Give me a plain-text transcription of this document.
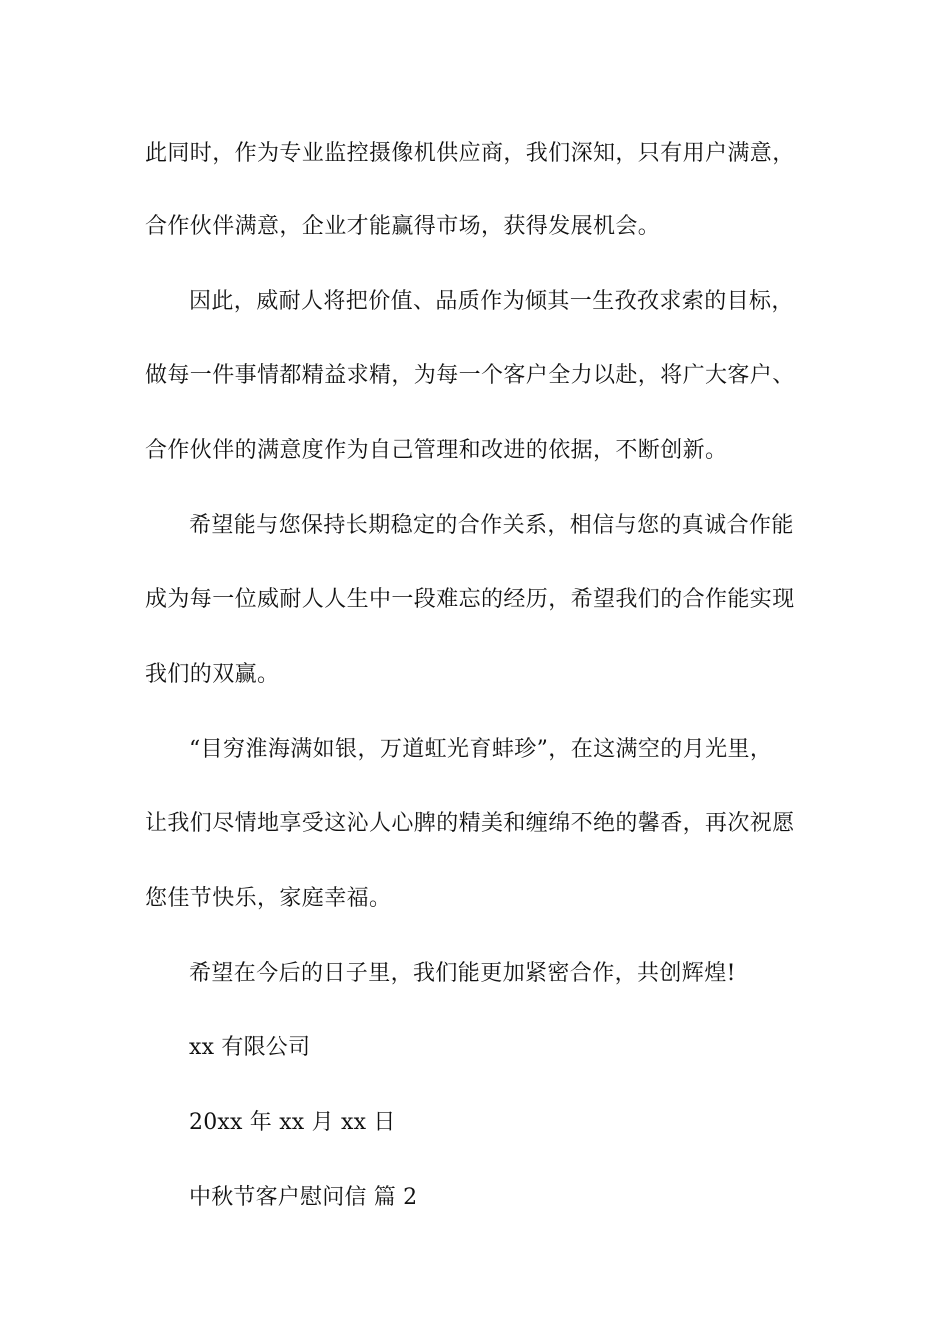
此同时，作为专业监控摄像机供应商，我们深知，只有用户满意，
合作伙伴满意，企业才能赢得市场，获得发展机会。
因此，威耐人将把价值、品质作为倾其一生孜孜求索的目标，
做每一件事情都精益求精，为每一个客户全力以赴，将广大客户、
合作伙伴的满意度作为自己管理和改进的依据，不断创新。
希望能与您保持长期稳定的合作关系，相信与您的真诚合作能
成为每一位威耐人人生中一段难忘的经历，希望我们的合作能实现
我们的双赢。
“目穷淮海满如银，万道虹光育蚌珍”，在这满空的月光里，
让我们尽情地享受这沁人心脾的精美和缠绵不绝的馨香，再次祝愿
您佳节快乐，家庭幸福。
希望在今后的日子里，我们能更加紧密合作，共创辉煌!
xx 有限公司
20xx 年 xx 月 xx 日
中秋节客户慰问信 篇 2
